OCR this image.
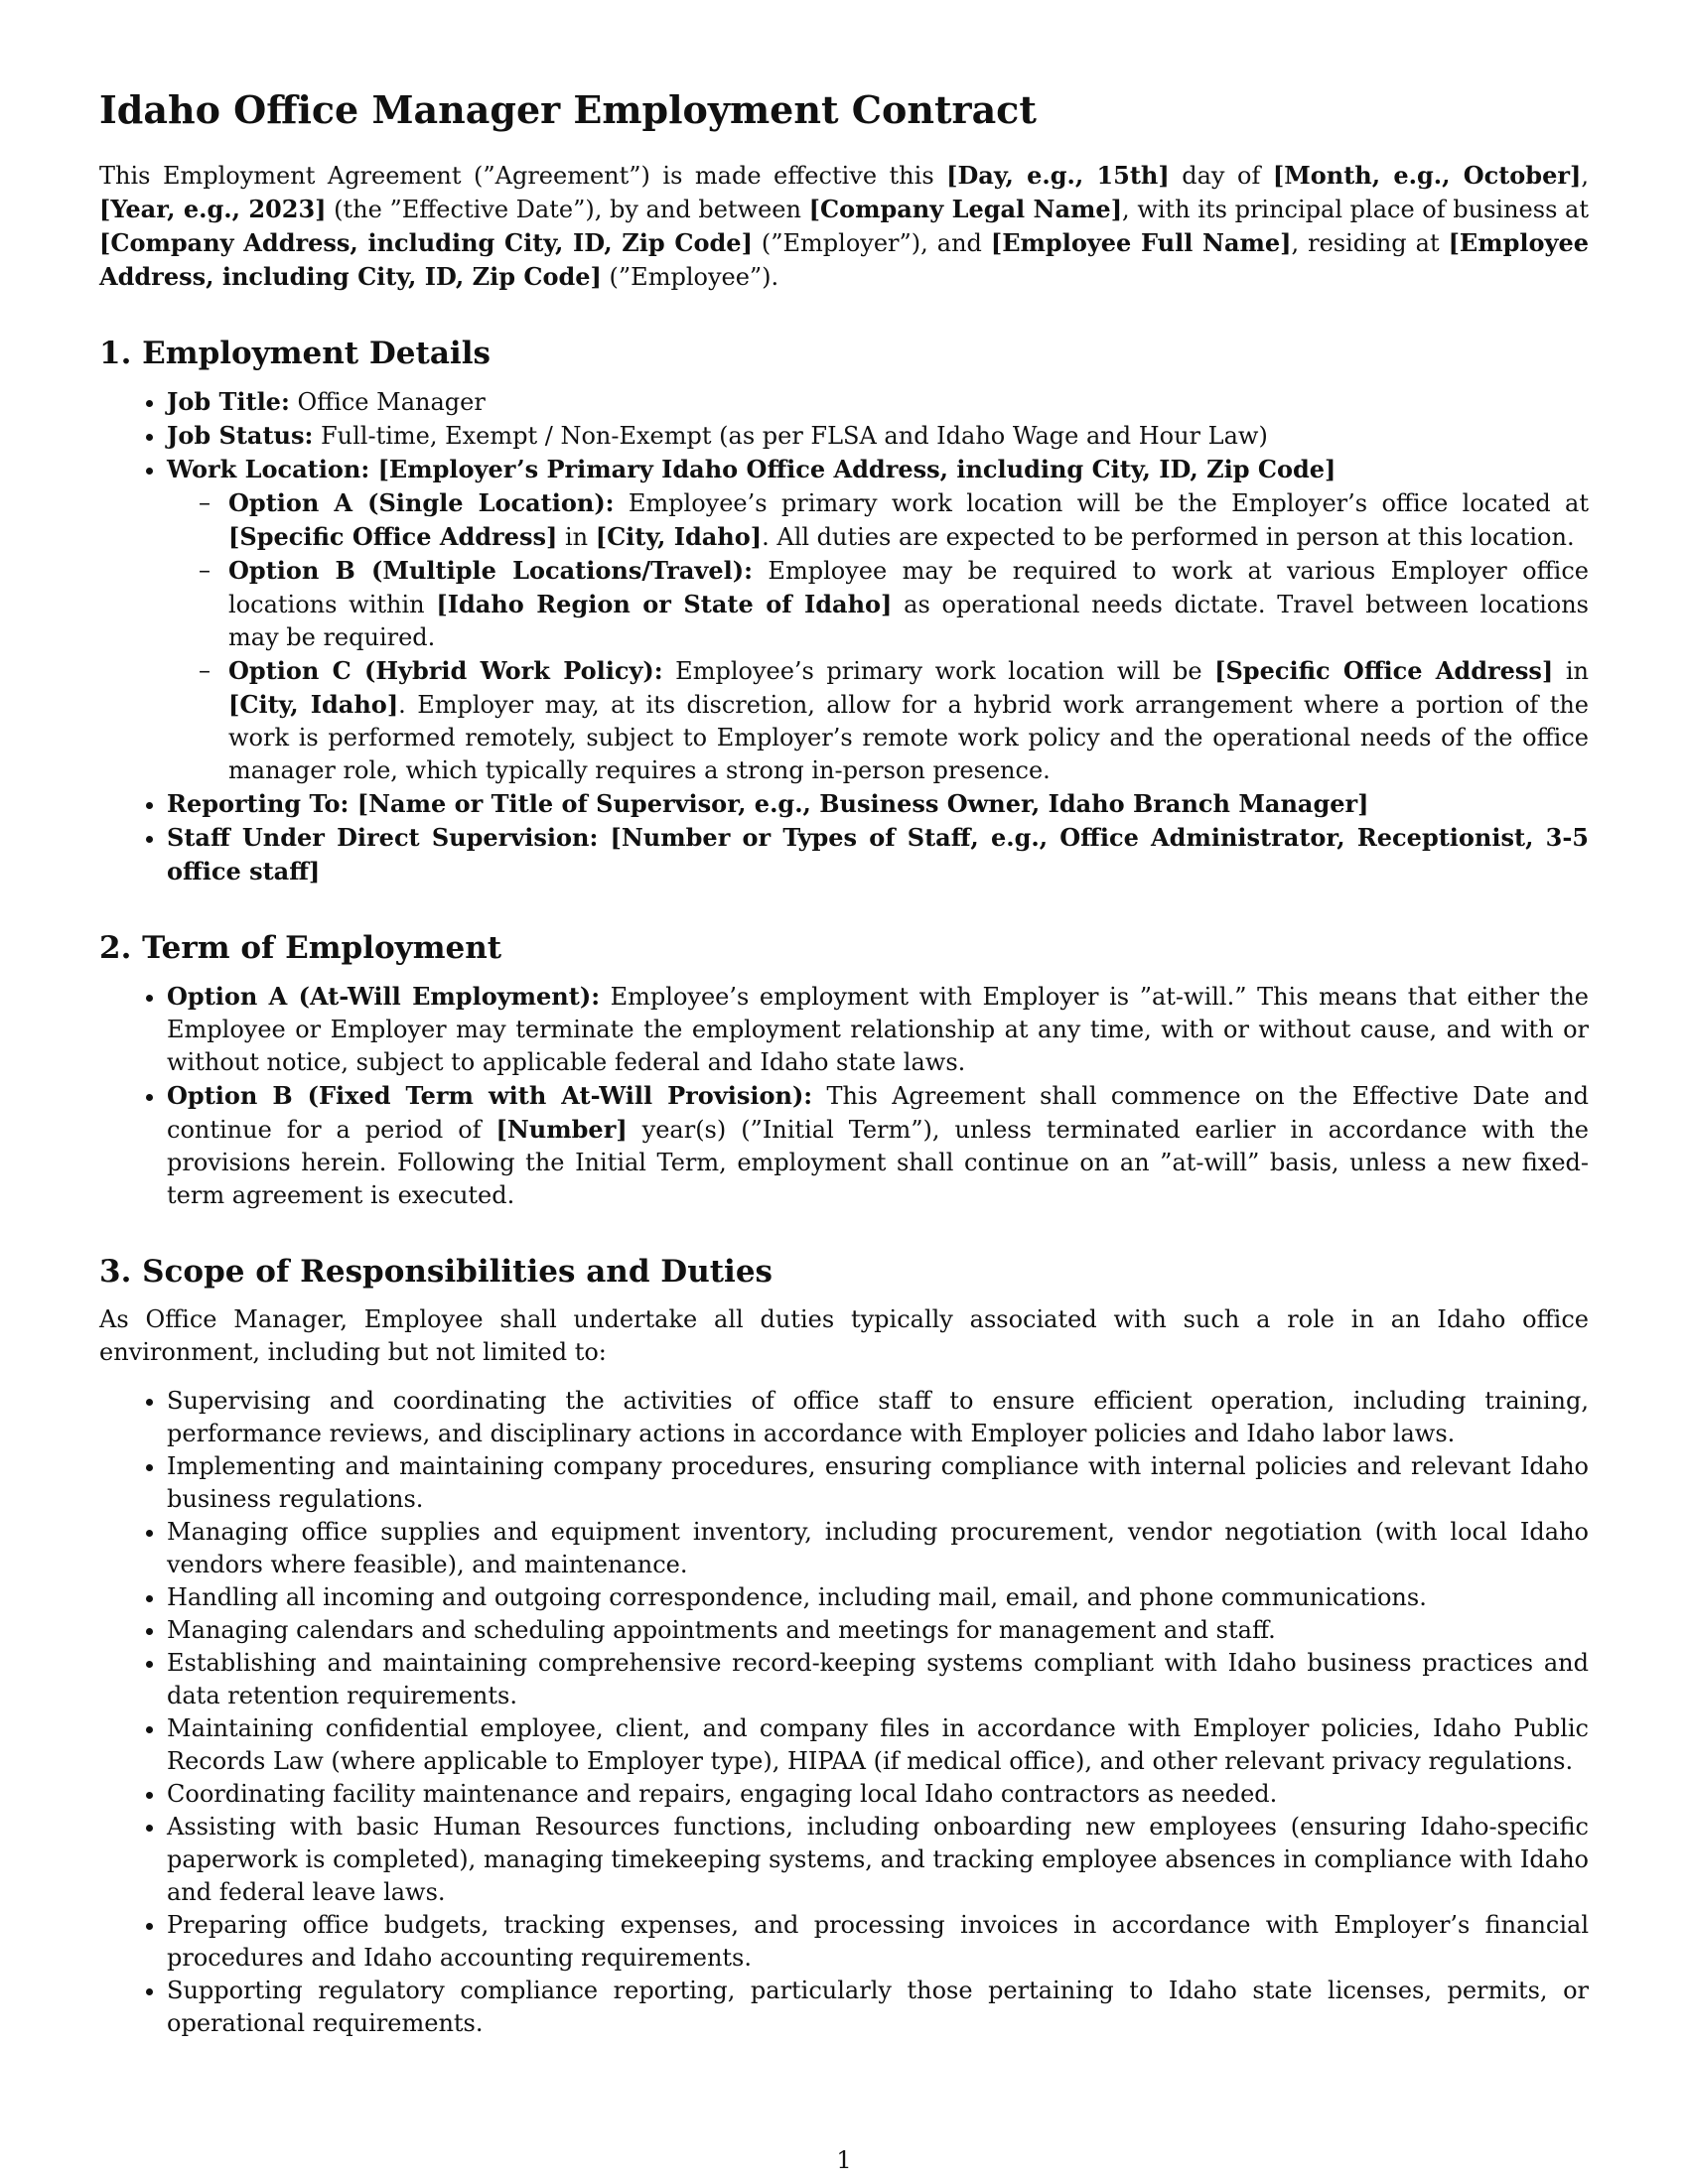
Idaho Office Manager Employment Contract

This Employment Agreement (”Agreement”) is made effective this [Day, e.g., 15th] day of [Month, e.g., October], [Year, e.g., 2023] (the ”Effective Date”), by and between [Company Legal Name], with its principal place of business at [Company Address, including City, ID, Zip Code] (”Employer”), and [Employee Full Name], residing at [Employee Address, including City, ID, Zip Code] (”Employee”).

1. Employment Details
• Job Title: Office Manager
• Job Status: Full-time, Exempt / Non-Exempt (as per FLSA and Idaho Wage and Hour Law)
• Work Location: [Employer’s Primary Idaho Office Address, including City, ID, Zip Code]
– Option A (Single Location): Employee’s primary work location will be the Employer’s office located at [Specific Office Address] in [City, Idaho]. All duties are expected to be performed in person at this location.
– Option B (Multiple Locations/Travel): Employee may be required to work at various Employer office locations within [Idaho Region or State of Idaho] as operational needs dictate. Travel between locations may be required.
– Option C (Hybrid Work Policy): Employee’s primary work location will be [Specific Office Address] in [City, Idaho]. Employer may, at its discretion, allow for a hybrid work arrangement where a portion of the work is performed remotely, subject to Employer’s remote work policy and the operational needs of the office manager role, which typically requires a strong in-person presence.
• Reporting To: [Name or Title of Supervisor, e.g., Business Owner, Idaho Branch Manager]
• Staff Under Direct Supervision: [Number or Types of Staff, e.g., Office Administrator, Receptionist, 3-5 office staff]
2. Term of Employment
• Option A (At-Will Employment): Employee’s employment with Employer is ”at-will.” This means that either the Employee or Employer may terminate the employment relationship at any time, with or without cause, and with or without notice, subject to applicable federal and Idaho state laws.
• Option B (Fixed Term with At-Will Provision): This Agreement shall commence on the Effective Date and continue for a period of [Number] year(s) (”Initial Term”), unless terminated earlier in accordance with the provisions herein. Following the Initial Term, employment shall continue on an ”at-will” basis, unless a new fixed-term agreement is executed.
3. Scope of Responsibilities and Duties

As Office Manager, Employee shall undertake all duties typically associated with such a role in an Idaho office environment, including but not limited to:

• Supervising and coordinating the activities of office staff to ensure efficient operation, including training, performance reviews, and disciplinary actions in accordance with Employer policies and Idaho labor laws.
• Implementing and maintaining company procedures, ensuring compliance with internal policies and relevant Idaho business regulations.
• Managing office supplies and equipment inventory, including procurement, vendor negotiation (with local Idaho vendors where feasible), and maintenance.
• Handling all incoming and outgoing correspondence, including mail, email, and phone communications.
• Managing calendars and scheduling appointments and meetings for management and staff.
• Establishing and maintaining comprehensive record-keeping systems compliant with Idaho business practices and data retention requirements.
• Maintaining confidential employee, client, and company files in accordance with Employer policies, Idaho Public Records Law (where applicable to Employer type), HIPAA (if medical office), and other relevant privacy regulations.
• Coordinating facility maintenance and repairs, engaging local Idaho contractors as needed.
• Assisting with basic Human Resources functions, including onboarding new employees (ensuring Idaho-specific paperwork is completed), managing timekeeping systems, and tracking employee absences in compliance with Idaho and federal leave laws.
• Preparing office budgets, tracking expenses, and processing invoices in accordance with Employer’s financial procedures and Idaho accounting requirements.
• Supporting regulatory compliance reporting, particularly those pertaining to Idaho state licenses, permits, or operational requirements.
1
